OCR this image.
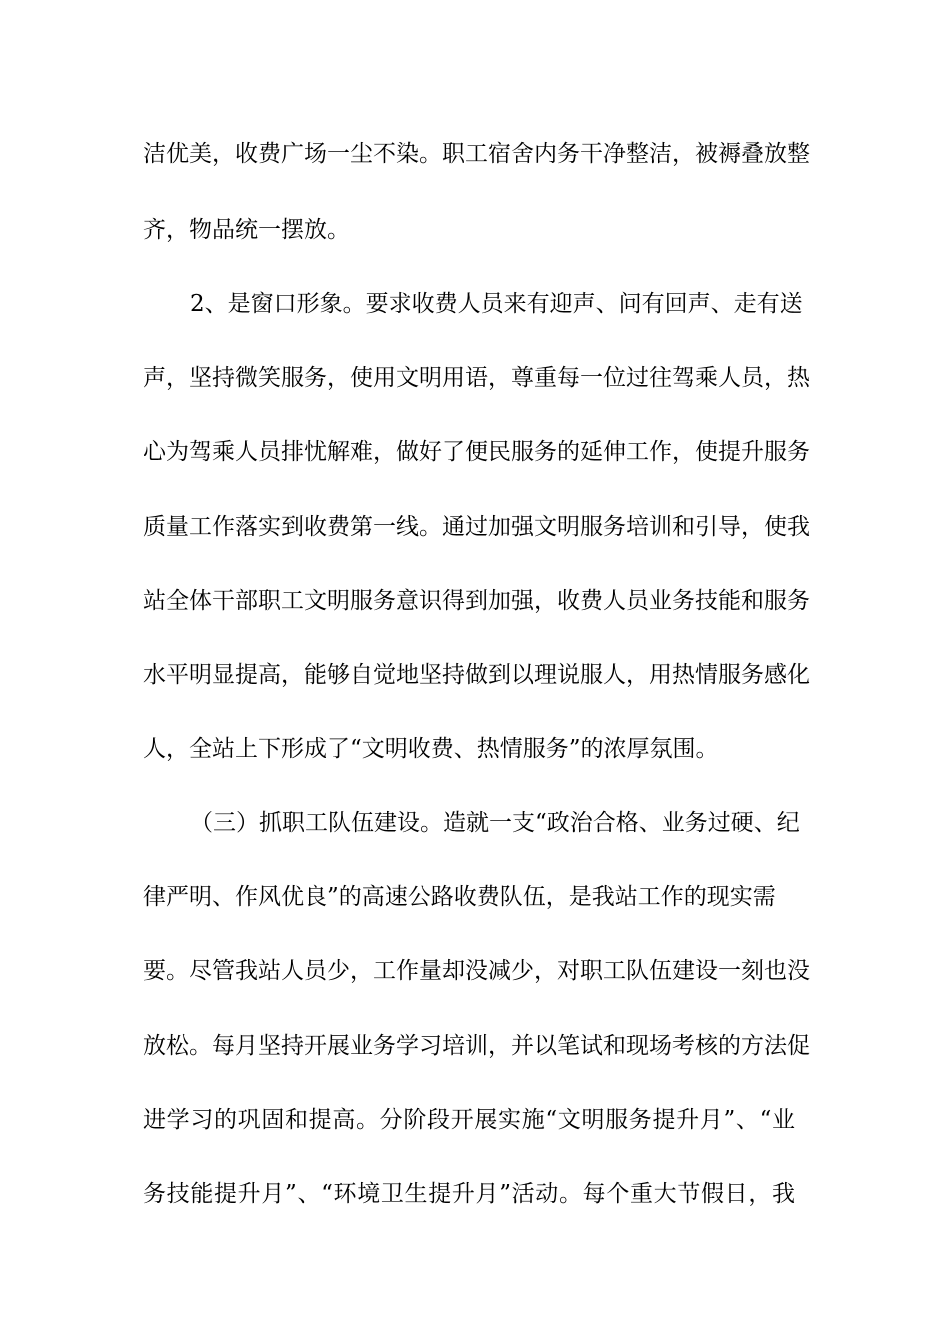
洁优美，收费广场一尘不染。职工宿舍内务干净整洁，被褥叠放整
齐，物品统一摆放。
2、是窗口形象。要求收费人员来有迎声、问有回声、走有送
声，坚持微笑服务，使用文明用语，尊重每一位过往驾乘人员，热
心为驾乘人员排忧解难，做好了便民服务的延伸工作，使提升服务
质量工作落实到收费第一线。通过加强文明服务培训和引导，使我
站全体干部职工文明服务意识得到加强，收费人员业务技能和服务
水平明显提高，能够自觉地坚持做到以理说服人，用热情服务感化
人，全站上下形成了“文明收费、热情服务”的浓厚氛围。
（三）抓职工队伍建设。造就一支“政治合格、业务过硬、纪
律严明、作风优良”的高速公路收费队伍，是我站工作的现实需
要。尽管我站人员少，工作量却没减少，对职工队伍建设一刻也没
放松。每月坚持开展业务学习培训，并以笔试和现场考核的方法促
进学习的巩固和提高。分阶段开展实施“文明服务提升月”、“业
务技能提升月”、“环境卫生提升月”活动。每个重大节假日，我
